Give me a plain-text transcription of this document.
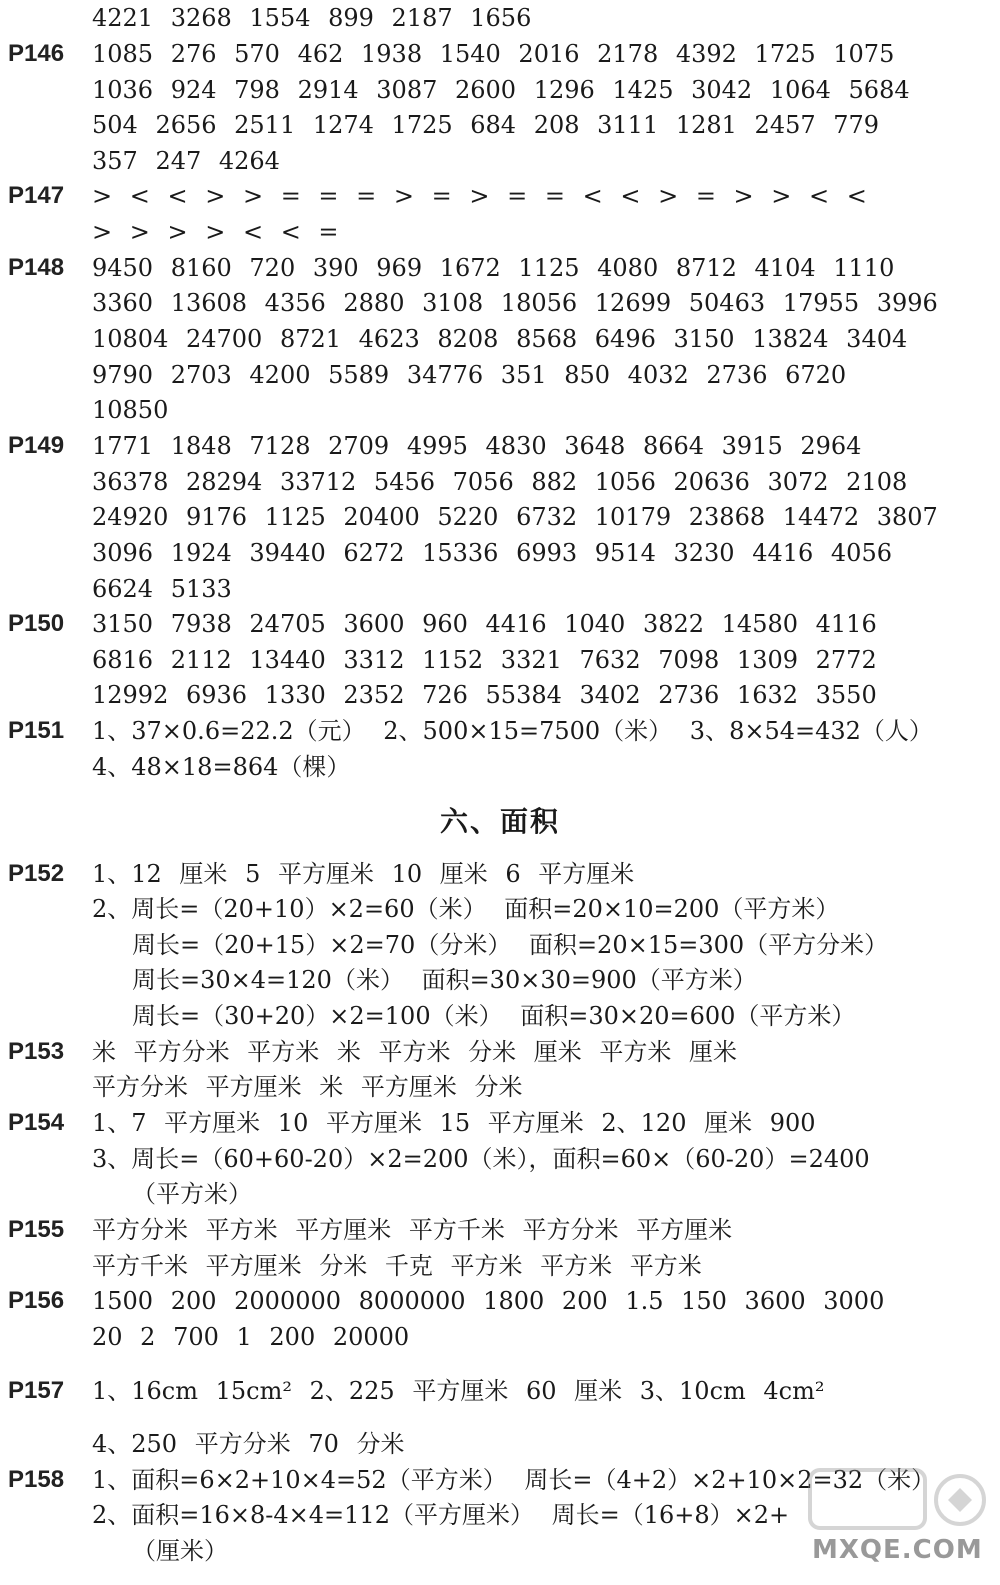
4221 3268 1554 899 2187 1656
P146 1085 276 570 462 1938 1540 2016 2178 4392 1725 1075
1036 924 798 2914 3087 2600 1296 1425 3042 1064 5684
504 2656 2511 1274 1725 684 208 3111 1281 2457 779
357 247 4264
P147 > < < > > = = = > = > = = < < > = > > < <
> > > > < < =
P148 9450 8160 720 390 969 1672 1125 4080 8712 4104 1110
3360 13608 4356 2880 3108 18056 12699 50463 17955 3996
10804 24700 8721 4623 8208 8568 6496 3150 13824 3404
9790 2703 4200 5589 34776 351 850 4032 2736 6720
10850
P149 1771 1848 7128 2709 4995 4830 3648 8664 3915 2964
36378 28294 33712 5456 7056 882 1056 20636 3072 2108
24920 9176 1125 20400 5220 6732 10179 23868 14472 3807
3096 1924 39440 6272 15336 6993 9514 3230 4416 4056
6624 5133
P150 3150 7938 24705 3600 960 4416 1040 3822 14580 4116
6816 2112 13440 3312 1152 3321 7632 7098 1309 2772
12992 6936 1330 2352 726 55384 3402 2736 1632 3550
P151 1、37×0.6=22.2（元） 2、500×15=7500（米） 3、8×54=432（人）
4、48×18=864（棵）
六、面积
P152 1、12 厘米 5 平方厘米 10 厘米 6 平方厘米
2、周长=（20+10）×2=60（米） 面积=20×10=200（平方米）
周长=（20+15）×2=70（分米） 面积=20×15=300（平方分米）
周长=30×4=120（米） 面积=30×30=900（平方米）
周长=（30+20）×2=100（米） 面积=30×20=600（平方米）
P153 米 平方分米 平方米 米 平方米 分米 厘米 平方米 厘米
平方分米 平方厘米 米 平方厘米 分米
P154 1、7 平方厘米 10 平方厘米 15 平方厘米 2、120 厘米 900
3、周长=（60+60-20）×2=200（米），面积=60×（60-20）=2400
（平方米）
P155 平方分米 平方米 平方厘米 平方千米 平方分米 平方厘米
平方千米 平方厘米 分米 千克 平方米 平方米 平方米
P156 1500 200 2000000 8000000 1800 200 1.5 150 3600 3000
20 2 700 1 200 20000
P157 1、16cm 15cm² 2、225 平方厘米 60 厘米 3、10cm 4cm²
4、250 平方分米 70 分米
P158 1、面积=6×2+10×4=52（平方米） 周长=（4+2）×2+10×2=32（米）
2、面积=16×8-4×4=112（平方厘米） 周长=（16+8）×2+
（厘米）	MXQE.COM
